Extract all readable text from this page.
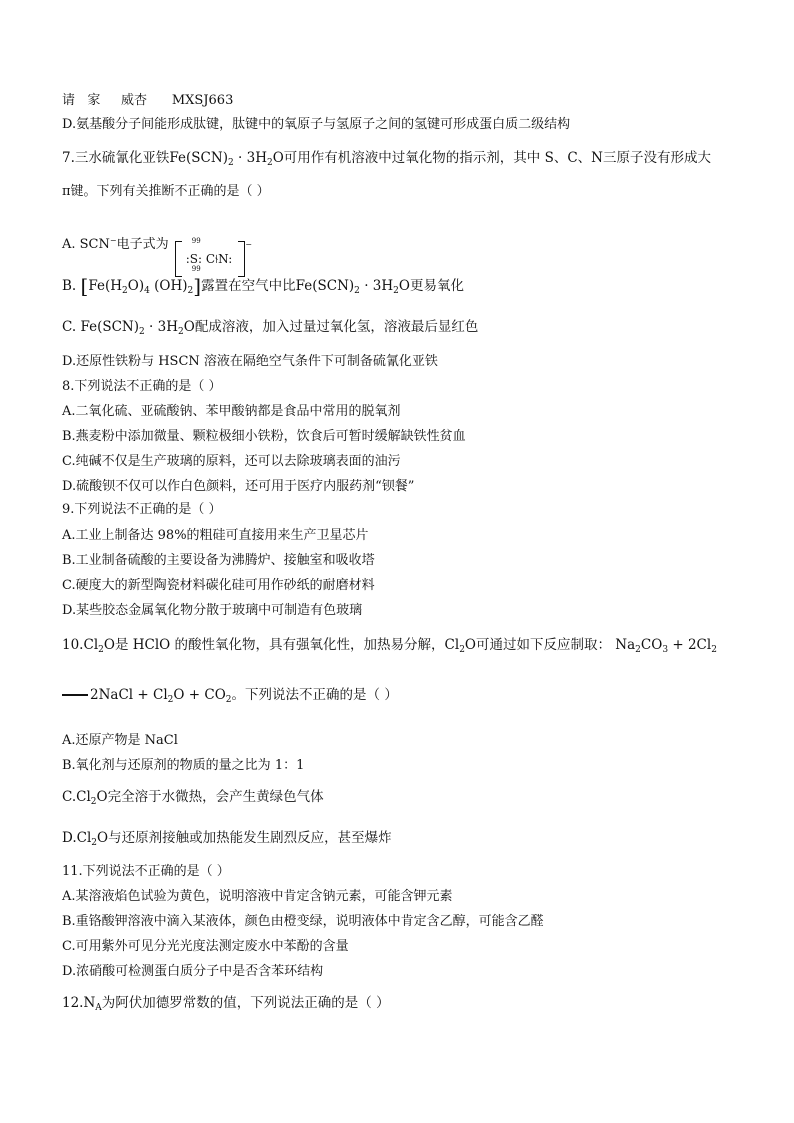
请   家     威杏      MXSJ663
D.氨基酸分子间能形成肽键，肽键中的氧原子与氢原子之间的氢键可形成蛋白质二级结构
7.三水硫氰化亚铁$Fe(SCN)_2 \cdot 3H_2O$可用作有机溶液中过氧化物的指示剂，其中 S、C、N三原子没有形成大
π键。下列有关推断不正确的是（ ）
A. SCN−电子式为	99
:S: C⫮N:
99
−
B. [$Fe(H_2O)_4$ $(OH)_2$]露置在空气中比$Fe(SCN)_2 \cdot 3H_2O$更易氧化
C. $Fe(SCN)_2 \cdot 3H_2O$配成溶液，加入过量过氧化氢，溶液最后显红色
D.还原性铁粉与 HSCN 溶液在隔绝空气条件下可制备硫氰化亚铁
8.下列说法不正确的是（ ）
A.二氧化硫、亚硫酸钠、苯甲酸钠都是食品中常用的脱氧剂
B.燕麦粉中添加微量、颗粒极细小铁粉，饮食后可暂时缓解缺铁性贫血
C.纯碱不仅是生产玻璃的原料，还可以去除玻璃表面的油污
D.硫酸钡不仅可以作白色颜料，还可用于医疗内服药剂“钡餐”
9.下列说法不正确的是（ ）
A.工业上制备达 98%的粗硅可直接用来生产卫星芯片
B.工业制备硫酸的主要设备为沸腾炉、接触室和吸收塔
C.硬度大的新型陶瓷材料碳化硅可用作砂纸的耐磨材料
D.某些胶态金属氧化物分散于玻璃中可制造有色玻璃
$10.Cl_2O$是 HClO 的酸性氧化物，具有强氧化性，加热易分解，$Cl_2O$可通过如下反应制取： $Na_2CO_3 + 2Cl_2$
2NaCl + $Cl_2O + CO_2$。下列说法不正确的是（ ）
A.还原产物是 NaCl
B.氧化剂与还原剂的物质的量之比为 1：1
$C.Cl_2O$完全溶于水微热，会产生黄绿色气体
$D.Cl_2O$与还原剂接触或加热能发生剧烈反应，甚至爆炸
11.下列说法不正确的是（ ）
A.某溶液焰色试验为黄色，说明溶液中肯定含钠元素，可能含钾元素
B.重铬酸钾溶液中滴入某液体，颜色由橙变绿，说明液体中肯定含乙醇，可能含乙醛
C.可用紫外可见分光光度法测定废水中苯酚的含量
D.浓硝酸可检测蛋白质分子中是否含苯环结构
$12.N_A$为阿伏加德罗常数的值，下列说法正确的是（ ）
